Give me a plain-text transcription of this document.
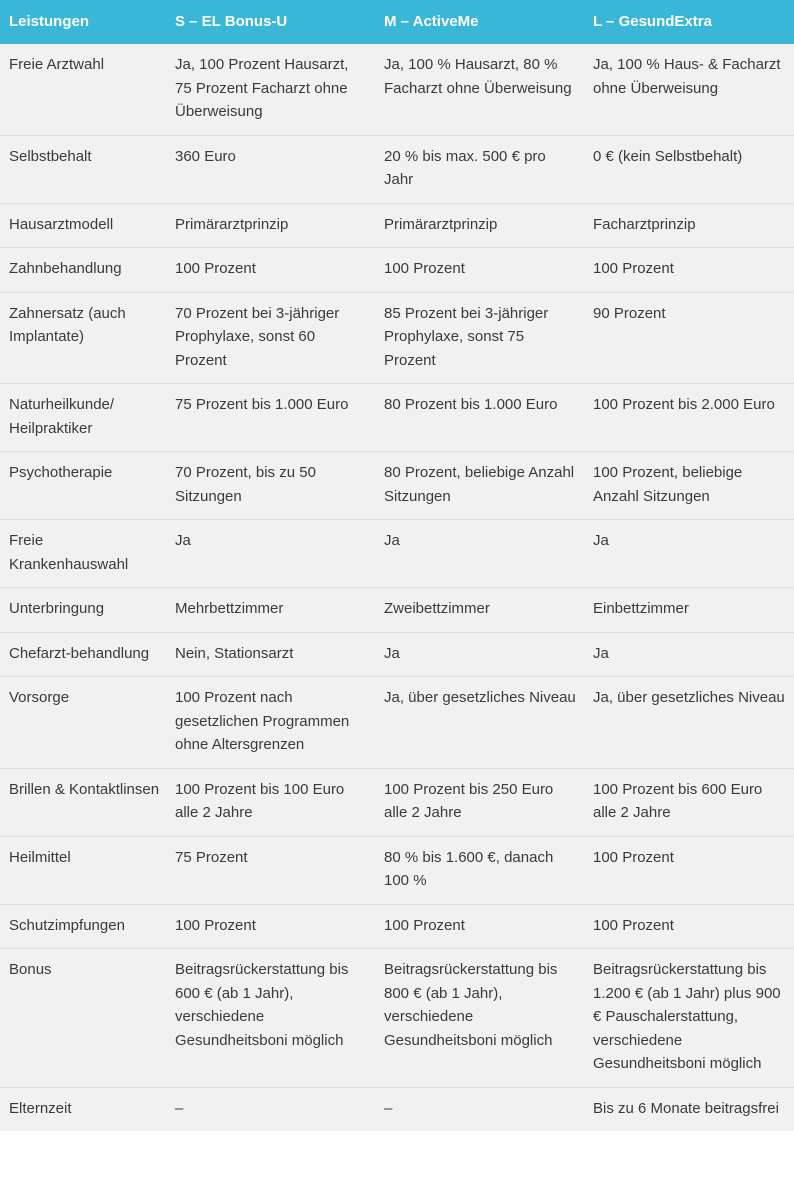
Leistungen	S – EL Bonus-U	M – ActiveMe	L – GesundExtra
Freie Arztwahl	Ja, 100 Prozent Hausarzt, 75 Prozent Facharzt ohne Überweisung	Ja, 100 % Hausarzt, 80 % Facharzt ohne Überweisung	Ja, 100 % Haus- & Facharzt ohne Überweisung
Selbstbehalt	360 Euro	20 % bis max. 500 € pro Jahr	0 € (kein Selbstbehalt)
Hausarztmodell	Primärarztprinzip	Primärarztprinzip	Facharztprinzip
Zahnbehandlung	100 Prozent	100 Prozent	100 Prozent
Zahnersatz (auch Implantate)	70 Prozent bei 3-jähriger Prophylaxe, sonst 60 Prozent	85 Prozent bei 3-jähriger Prophylaxe, sonst 75 Prozent	90 Prozent
Naturheilkunde/ Heilpraktiker	75 Prozent bis 1.000 Euro	80 Prozent bis 1.000 Euro	100 Prozent bis 2.000 Euro
Psychotherapie	70 Prozent, bis zu 50 Sitzungen	80 Prozent, beliebige Anzahl Sitzungen	100 Prozent, beliebige Anzahl Sitzungen
Freie Krankenhauswahl	Ja	Ja	Ja
Unterbringung	Mehrbettzimmer	Zweibettzimmer	Einbettzimmer
Chefarzt-behandlung	Nein, Stationsarzt	Ja	Ja
Vorsorge	100 Prozent nach gesetzlichen Programmen ohne Altersgrenzen	Ja, über gesetzliches Niveau	Ja, über gesetzliches Niveau
Brillen & Kontaktlinsen	100 Prozent bis 100 Euro alle 2 Jahre	100 Prozent bis 250 Euro alle 2 Jahre	100 Prozent bis 600 Euro alle 2 Jahre
Heilmittel	75 Prozent	80 % bis 1.600 €, danach 100 %	100 Prozent
Schutzimpfungen	100 Prozent	100 Prozent	100 Prozent
Bonus	Beitragsrückerstattung bis 600 € (ab 1 Jahr), verschiedene Gesundheitsboni möglich	Beitragsrückerstattung bis 800 € (ab 1 Jahr), verschiedene Gesundheitsboni möglich	Beitragsrückerstattung bis 1.200 € (ab 1 Jahr) plus 900 € Pauschalerstattung, verschiedene Gesundheitsboni möglich
Elternzeit	–	–	Bis zu 6 Monate beitragsfrei
